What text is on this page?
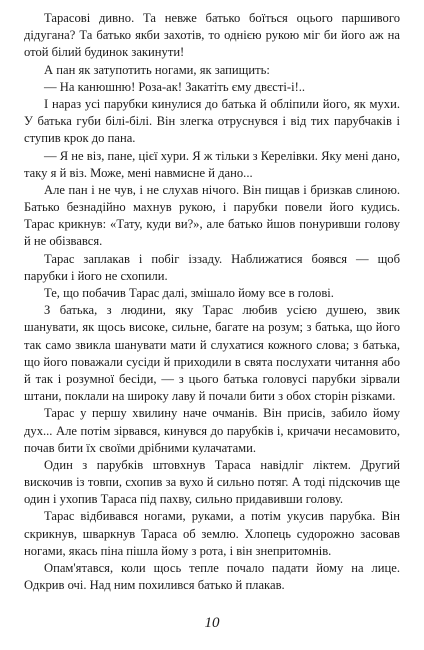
Тарасові дивно. Та невже батько боїться оцього паршивого дідугана? Та батько якби захотів, то однією рукою міг би його аж на отой білий будинок закинути!

А пан як затупотить ногами, як запищить:

— На канюшню! Роза-ак! Закатіть єму двєсті-і!..

І нараз усі парубки кинулися до батька й обліпили його, як мухи. У батька губи білі-білі. Він злегка отруснувся і від тих парубчаків і ступив крок до пана.

— Я не віз, пане, цієї хури. Я ж тільки з Керелівки. Яку мені дано, таку я й віз. Може, мені навмисне й дано...

Але пан і не чув, і не слухав нічого. Він пищав і бризкав слиною. Батько безнадійно махнув рукою, і парубки повели його кудись. Тарас крикнув: «Тату, куди ви?», але батько йшов понуривши голову й не обізвався.

Тарас заплакав і побіг іззаду. Наближатися боявся — щоб парубки і його не схопили.

Те, що побачив Тарас далі, змішало йому все в голові.

З батька, з людини, яку Тарас любив усією душею, звик шанувати, як щось високе, сильне, багате на розум; з батька, що його так само звикла шанувати мати й слухатися кожного слова; з батька, що його поважали сусіди й приходили в свята послухати читання або й так і розумної бесіди, — з цього батька головусі парубки зірвали штани, поклали на широку лаву й почали бити з обох сторін різками.

Тарас у першу хвилину наче очманів. Він присів, забило йому дух... Але потім зірвався, кинувся до парубків і, кричачи несамовито, почав бити їх своїми дрібними кулачатами.

Один з парубків штовхнув Тараса навідліг ліктем. Другий вискочив із товпи, схопив за вухо й сильно потяг. А тоді підскочив ще один і ухопив Тараса під пахву, сильно придавивши голову.

Тарас відбивався ногами, руками, а потім укусив парубка. Він скрикнув, шваркнув Тараса об землю. Хлопець судорожно засовав ногами, якась піна пішла йому з рота, і він знепритомнів.

Опам'ятався, коли щось тепле почало падати йому на лице. Одкрив очі. Над ним похилився батько й плакав.

10
